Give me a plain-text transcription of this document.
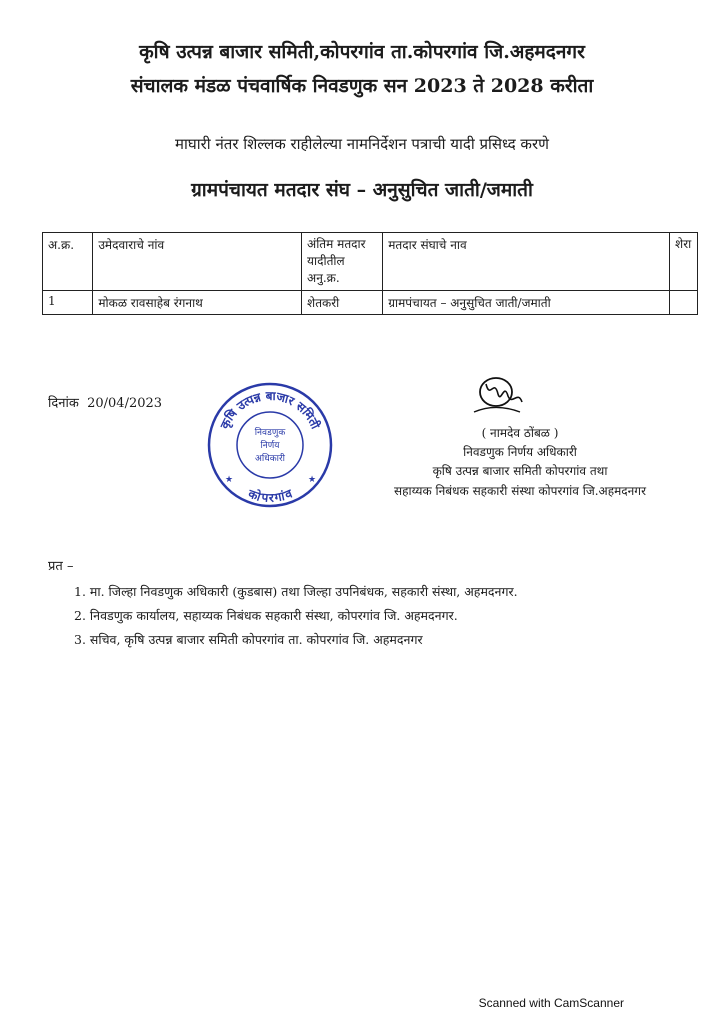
कृषि उत्पन्न बाजार समिती,कोपरगांव ता.कोपरगांव जि.अहमदनगर
संचालक मंडळ पंचवार्षिक निवडणुक सन 2023 ते 2028 करीता
माघारी नंतर शिल्लक राहीलेल्या नामनिर्देशन पत्राची यादी प्रसिध्द करणे
ग्रामपंचायत मतदार संघ – अनुसुचित जाती/जमाती
अ.क्र.	उमेदवाराचे नांव	अंतिम मतदार यादीतील अनु.क्र.	मतदार संघाचे नाव	शेरा
1	मोकळ रावसाहेब रंगनाथ	शेतकरी	ग्रामपंचायत – अनुसुचित जाती/जमाती	
दिनांक 20/04/2023
कृषि उत्पन्न बाजार समिती
कोपरगांव
निवडणुक
निर्णय
अधिकारी
★	★
( नामदेव ठोंबळ )
निवडणुक निर्णय अधिकारी
कृषि उत्पन्न बाजार समिती कोपरगांव तथा
सहाय्यक निबंधक सहकारी संस्था कोपरगांव जि.अहमदनगर
प्रत –
1. मा. जिल्हा निवडणुक अधिकारी (कुडबास) तथा जिल्हा उपनिबंधक, सहकारी संस्था, अहमदनगर.
2. निवडणुक कार्यालय, सहाय्यक निबंधक सहकारी संस्था, कोपरगांव जि. अहमदनगर.
3. सचिव, कृषि उत्पन्न बाजार समिती कोपरगांव ता. कोपरगांव जि. अहमदनगर
Scanned with CamScanner
